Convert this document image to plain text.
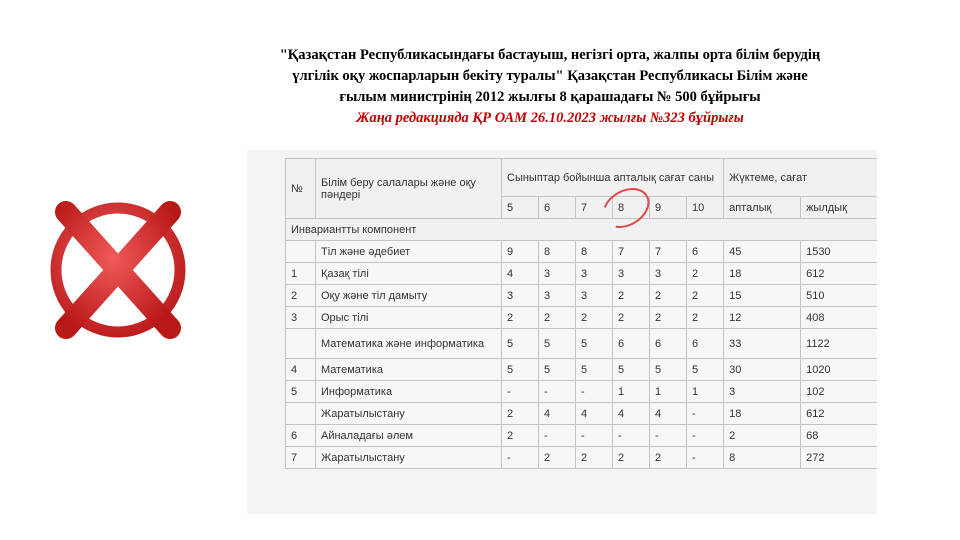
"Қазақстан Республикасындағы бастауыш, негізгі орта, жалпы орта білім берудің
үлгілік оқу жоспарларын бекіту туралы" Қазақстан Республикасы Білім және
ғылым министрінің 2012 жылғы 8 қарашадағы № 500 бұйрығы
Жаңа редакцияда ҚР ОАМ 26.10.2023 жылғы №323 бұйрығы
№	Білім беру салалары және оқу пәндері	Сыныптар бойынша апталық сағат саны						Жүктеме, сағат	
		5	6	7	8	9	10	апталық	жылдық
Инвариантты компонент									
	Тіл және әдебиет	9	8	8	7	7	6	45	1530
1	Қазақ тілі	4	3	3	3	3	2	18	612
2	Оқу және тіл дамыту	3	3	3	2	2	2	15	510
3	Орыс тілі	2	2	2	2	2	2	12	408
	Математика және информатика	5	5	5	6	6	6	33	1122
4	Математика	5	5	5	5	5	5	30	1020
5	Информатика	-	-	-	1	1	1	3	102
	Жаратылыстану	2	4	4	4	4	-	18	612
6	Айналадағы әлем	2	-	-	-	-	-	2	68
7	Жаратылыстану	-	2	2	2	2	-	8	272
